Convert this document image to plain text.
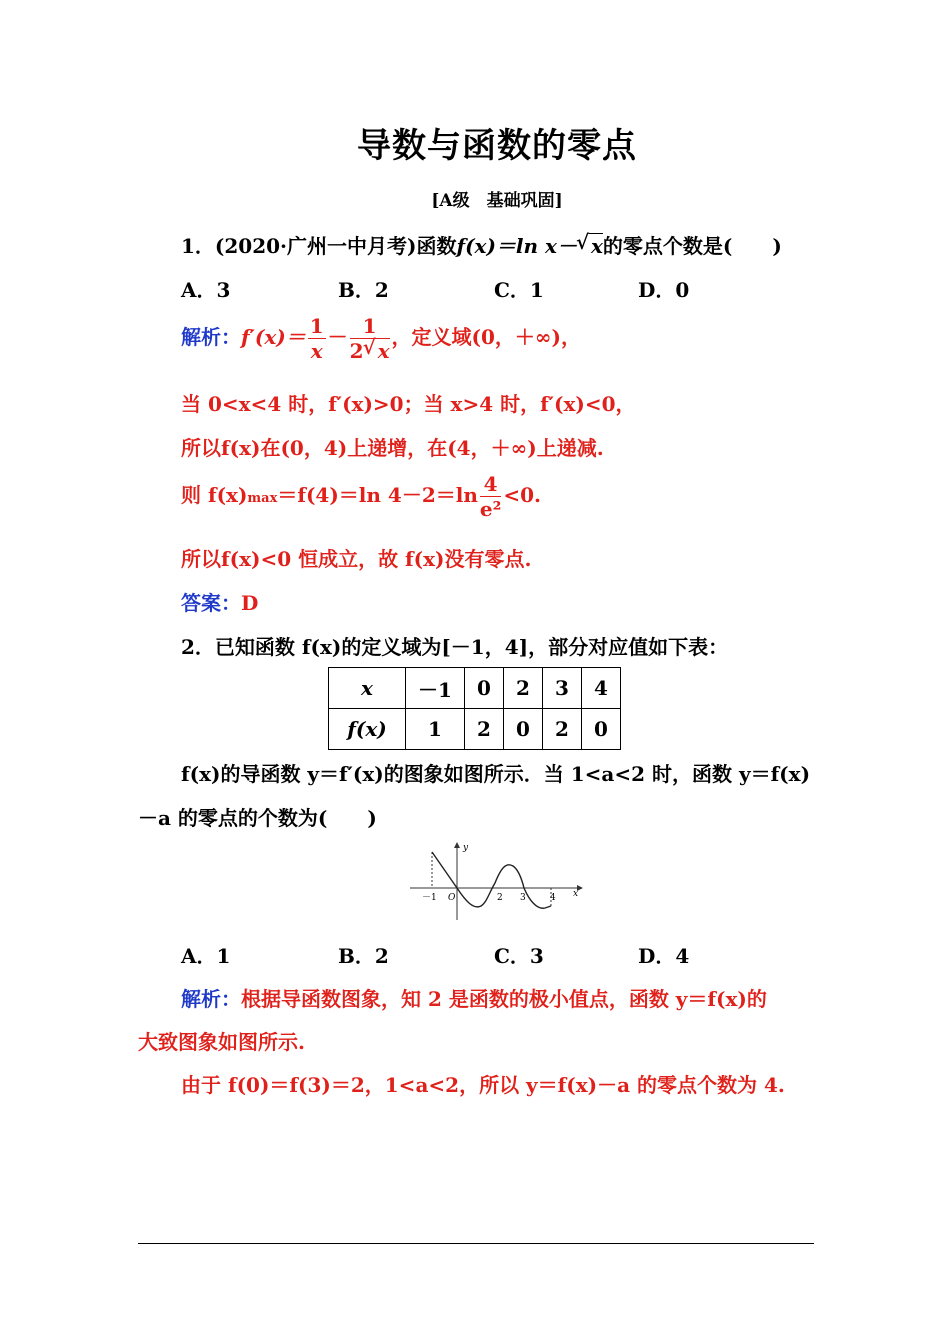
导数与函数的零点
[A级　基础巩固]
1．(2020·广州一中月考)函数f(x)＝ln x－ √ x的零点个数是(　　)
A．3	B．2	C．1	D．0
解析：$f'(x)= \frac{1}{x} - \frac{1}{2 √ x}$ ，定义域(0，＋∞)，
当 0<x<4 时，f′(x)>0；当 x>4 时，f′(x)<0，
所以f(x)在(0，4)上递增，在(4，＋∞)上递减.
则 f(x)max＝f(4)＝ln $4-2=\ln \frac{4}{\text{e²}} <0$.
所以f(x)<0 恒成立，故 f(x)没有零点.
答案：D
2．已知函数 f(x)的定义域为[－1，4]，部分对应值如下表：
x	－1	0	2	3	4
f(x)	1	2	0	2	0
f(x)的导函数 y＝f′(x)的图象如图所示．当 1<a<2 时，函数 y＝f(x)
－a 的零点的个数为(　　)
y
x
－1 O	2 3	4
A．1	B．2	C．3	D．4
解析：根据导函数图象，知 2 是函数的极小值点，函数 y＝f(x)的
大致图象如图所示.
由于 f(0)＝f(3)＝2，1<a<2，所以 y＝f(x)－a 的零点个数为 4.
